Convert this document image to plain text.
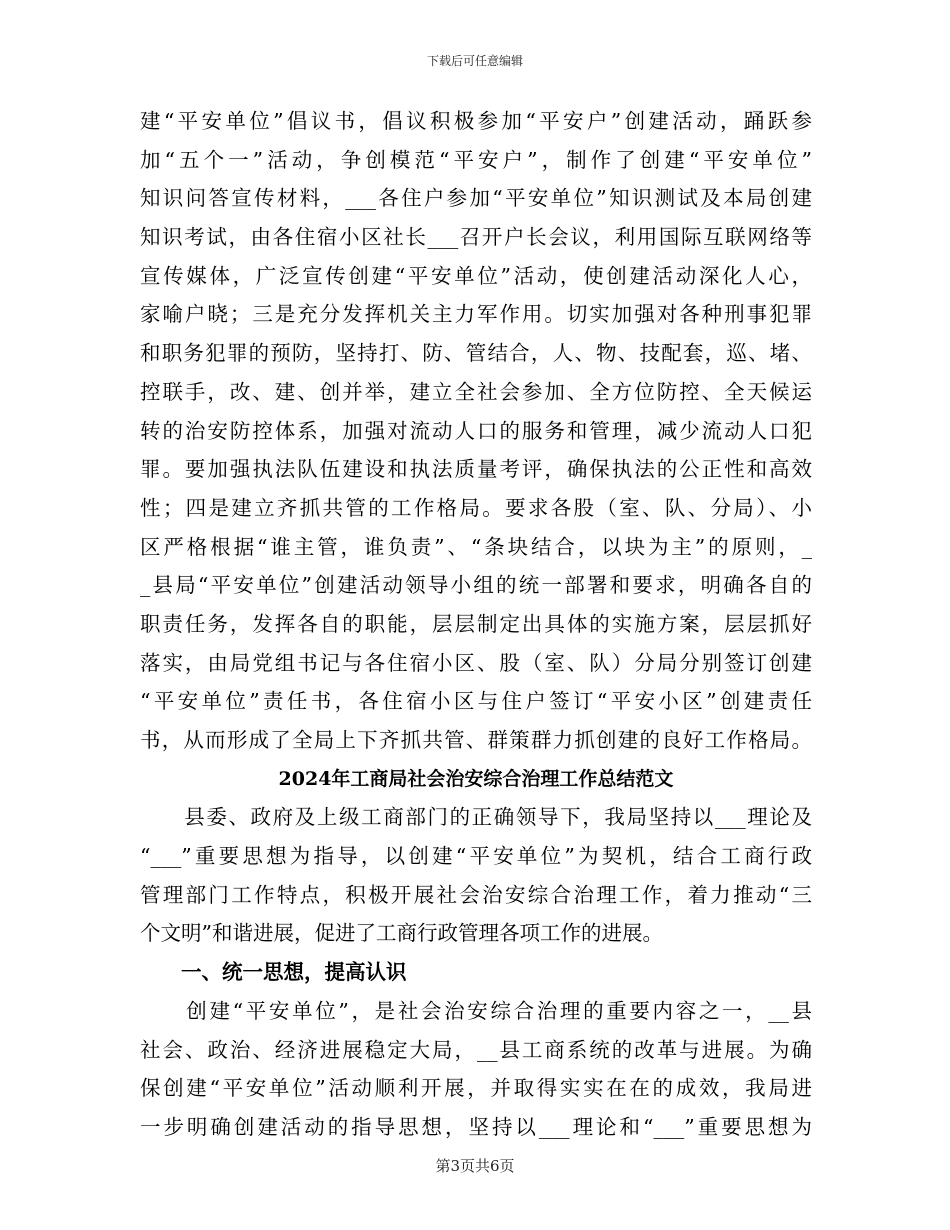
下载后可任意编辑
建“平安单位”倡议书，倡议积极参加“平安户”创建活动，踊跃参
加“五个一”活动，争创模范“平安户”，制作了创建“平安单位”
知识问答宣传材料，___各住户参加“平安单位”知识测试及本局创建
知识考试，由各住宿小区社长___召开户长会议，利用国际互联网络等
宣传媒体，广泛宣传创建“平安单位”活动，使创建活动深化人心，
家喻户晓；三是充分发挥机关主力军作用。切实加强对各种刑事犯罪
和职务犯罪的预防，坚持打、防、管结合，人、物、技配套，巡、堵、
控联手，改、建、创并举，建立全社会参加、全方位防控、全天候运
转的治安防控体系，加强对流动人口的服务和管理，减少流动人口犯
罪。要加强执法队伍建设和执法质量考评，确保执法的公正性和高效
性；四是建立齐抓共管的工作格局。要求各股（室、队、分局）、小
区严格根据“谁主管，谁负责”、“条块结合，以块为主”的原则，_
_县局“平安单位”创建活动领导小组的统一部署和要求，明确各自的
职责任务，发挥各自的职能，层层制定出具体的实施方案，层层抓好
落实，由局党组书记与各住宿小区、股（室、队）分局分别签订创建
“平安单位”责任书，各住宿小区与住户签订“平安小区”创建责任
书，从而形成了全局上下齐抓共管、群策群力抓创建的良好工作格局。
2024年工商局社会治安综合治理工作总结范文
　　县委、政府及上级工商部门的正确领导下，我局坚持以___理论及
“___”重要思想为指导，以创建“平安单位”为契机，结合工商行政
管理部门工作特点，积极开展社会治安综合治理工作，着力推动“三
个文明”和谐进展，促进了工商行政管理各项工作的进展。
　　一、统一思想，提高认识
　　创建“平安单位”，是社会治安综合治理的重要内容之一，__县
社会、政治、经济进展稳定大局，__县工商系统的改革与进展。为确
保创建“平安单位”活动顺利开展，并取得实实在在的成效，我局进
一步明确创建活动的指导思想，坚持以___理论和“___”重要思想为
第3页共6页
